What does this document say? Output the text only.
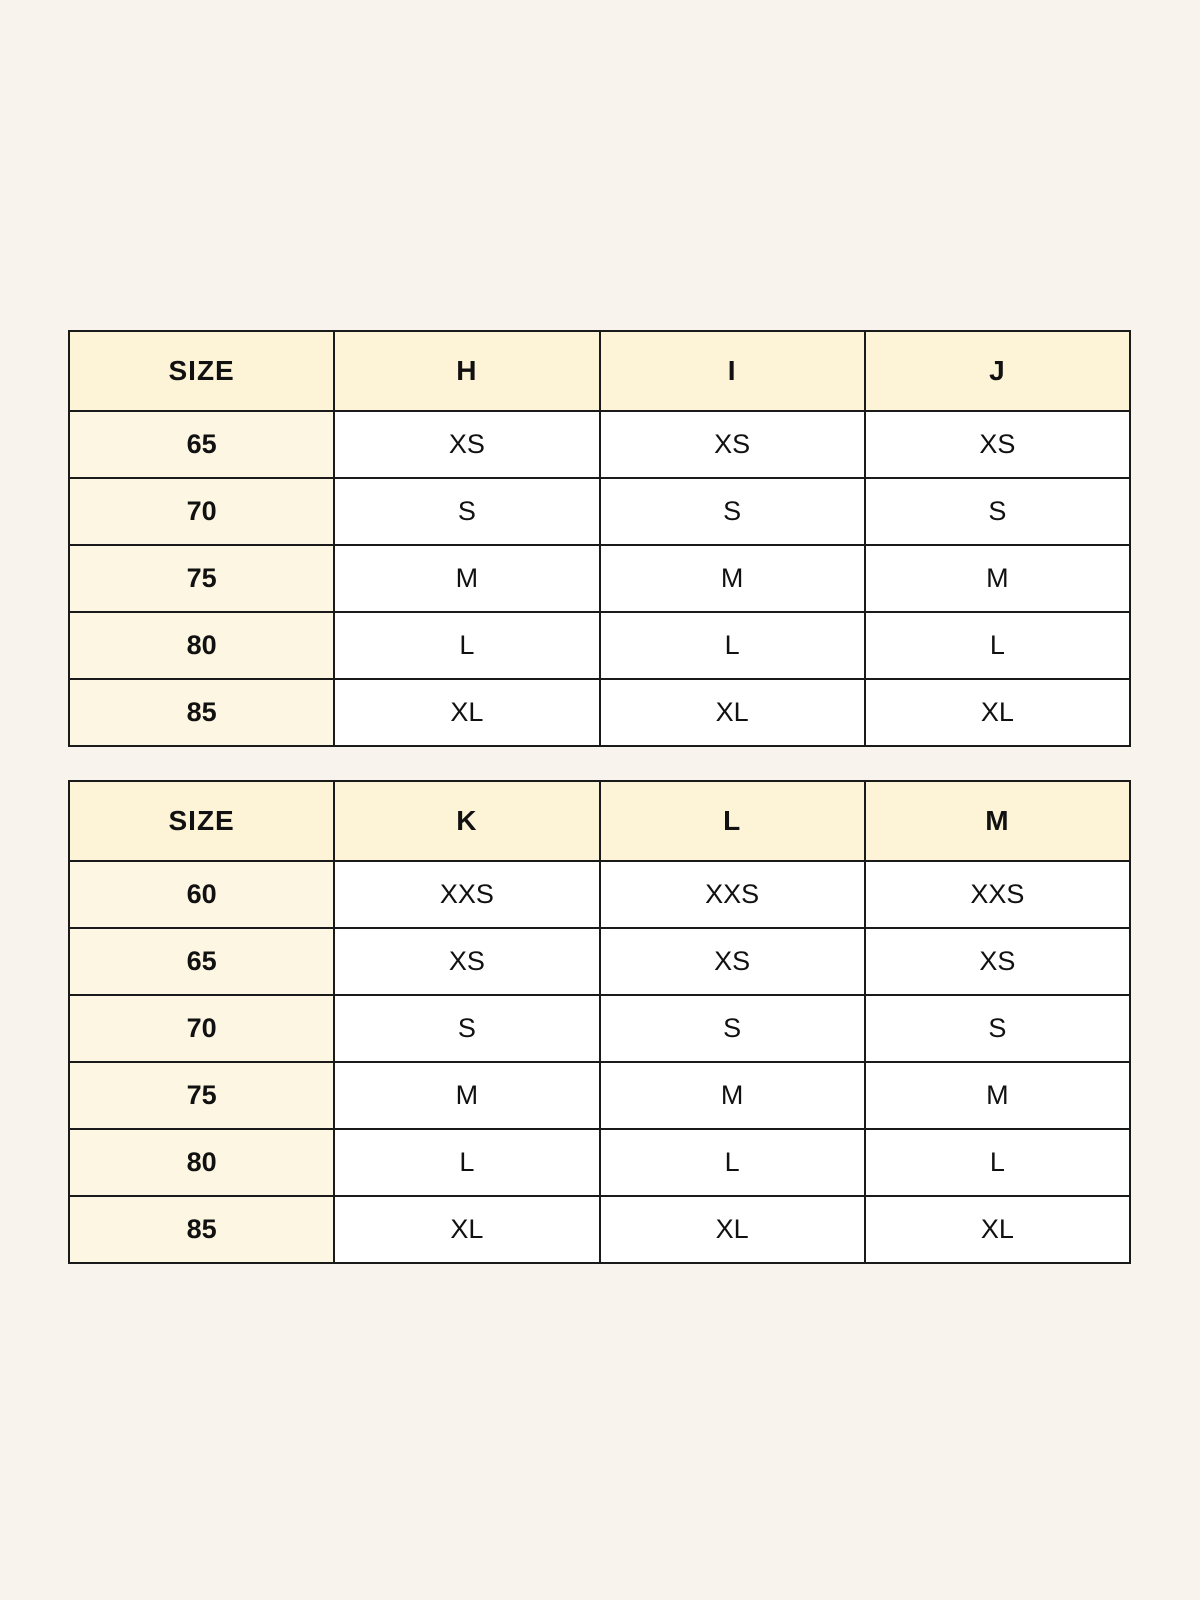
SIZE	H	I	J
65	XS	XS	XS
70	S	S	S
75	M	M	M
80	L	L	L
85	XL	XL	XL
SIZE	K	L	M
60	XXS	XXS	XXS
65	XS	XS	XS
70	S	S	S
75	M	M	M
80	L	L	L
85	XL	XL	XL
